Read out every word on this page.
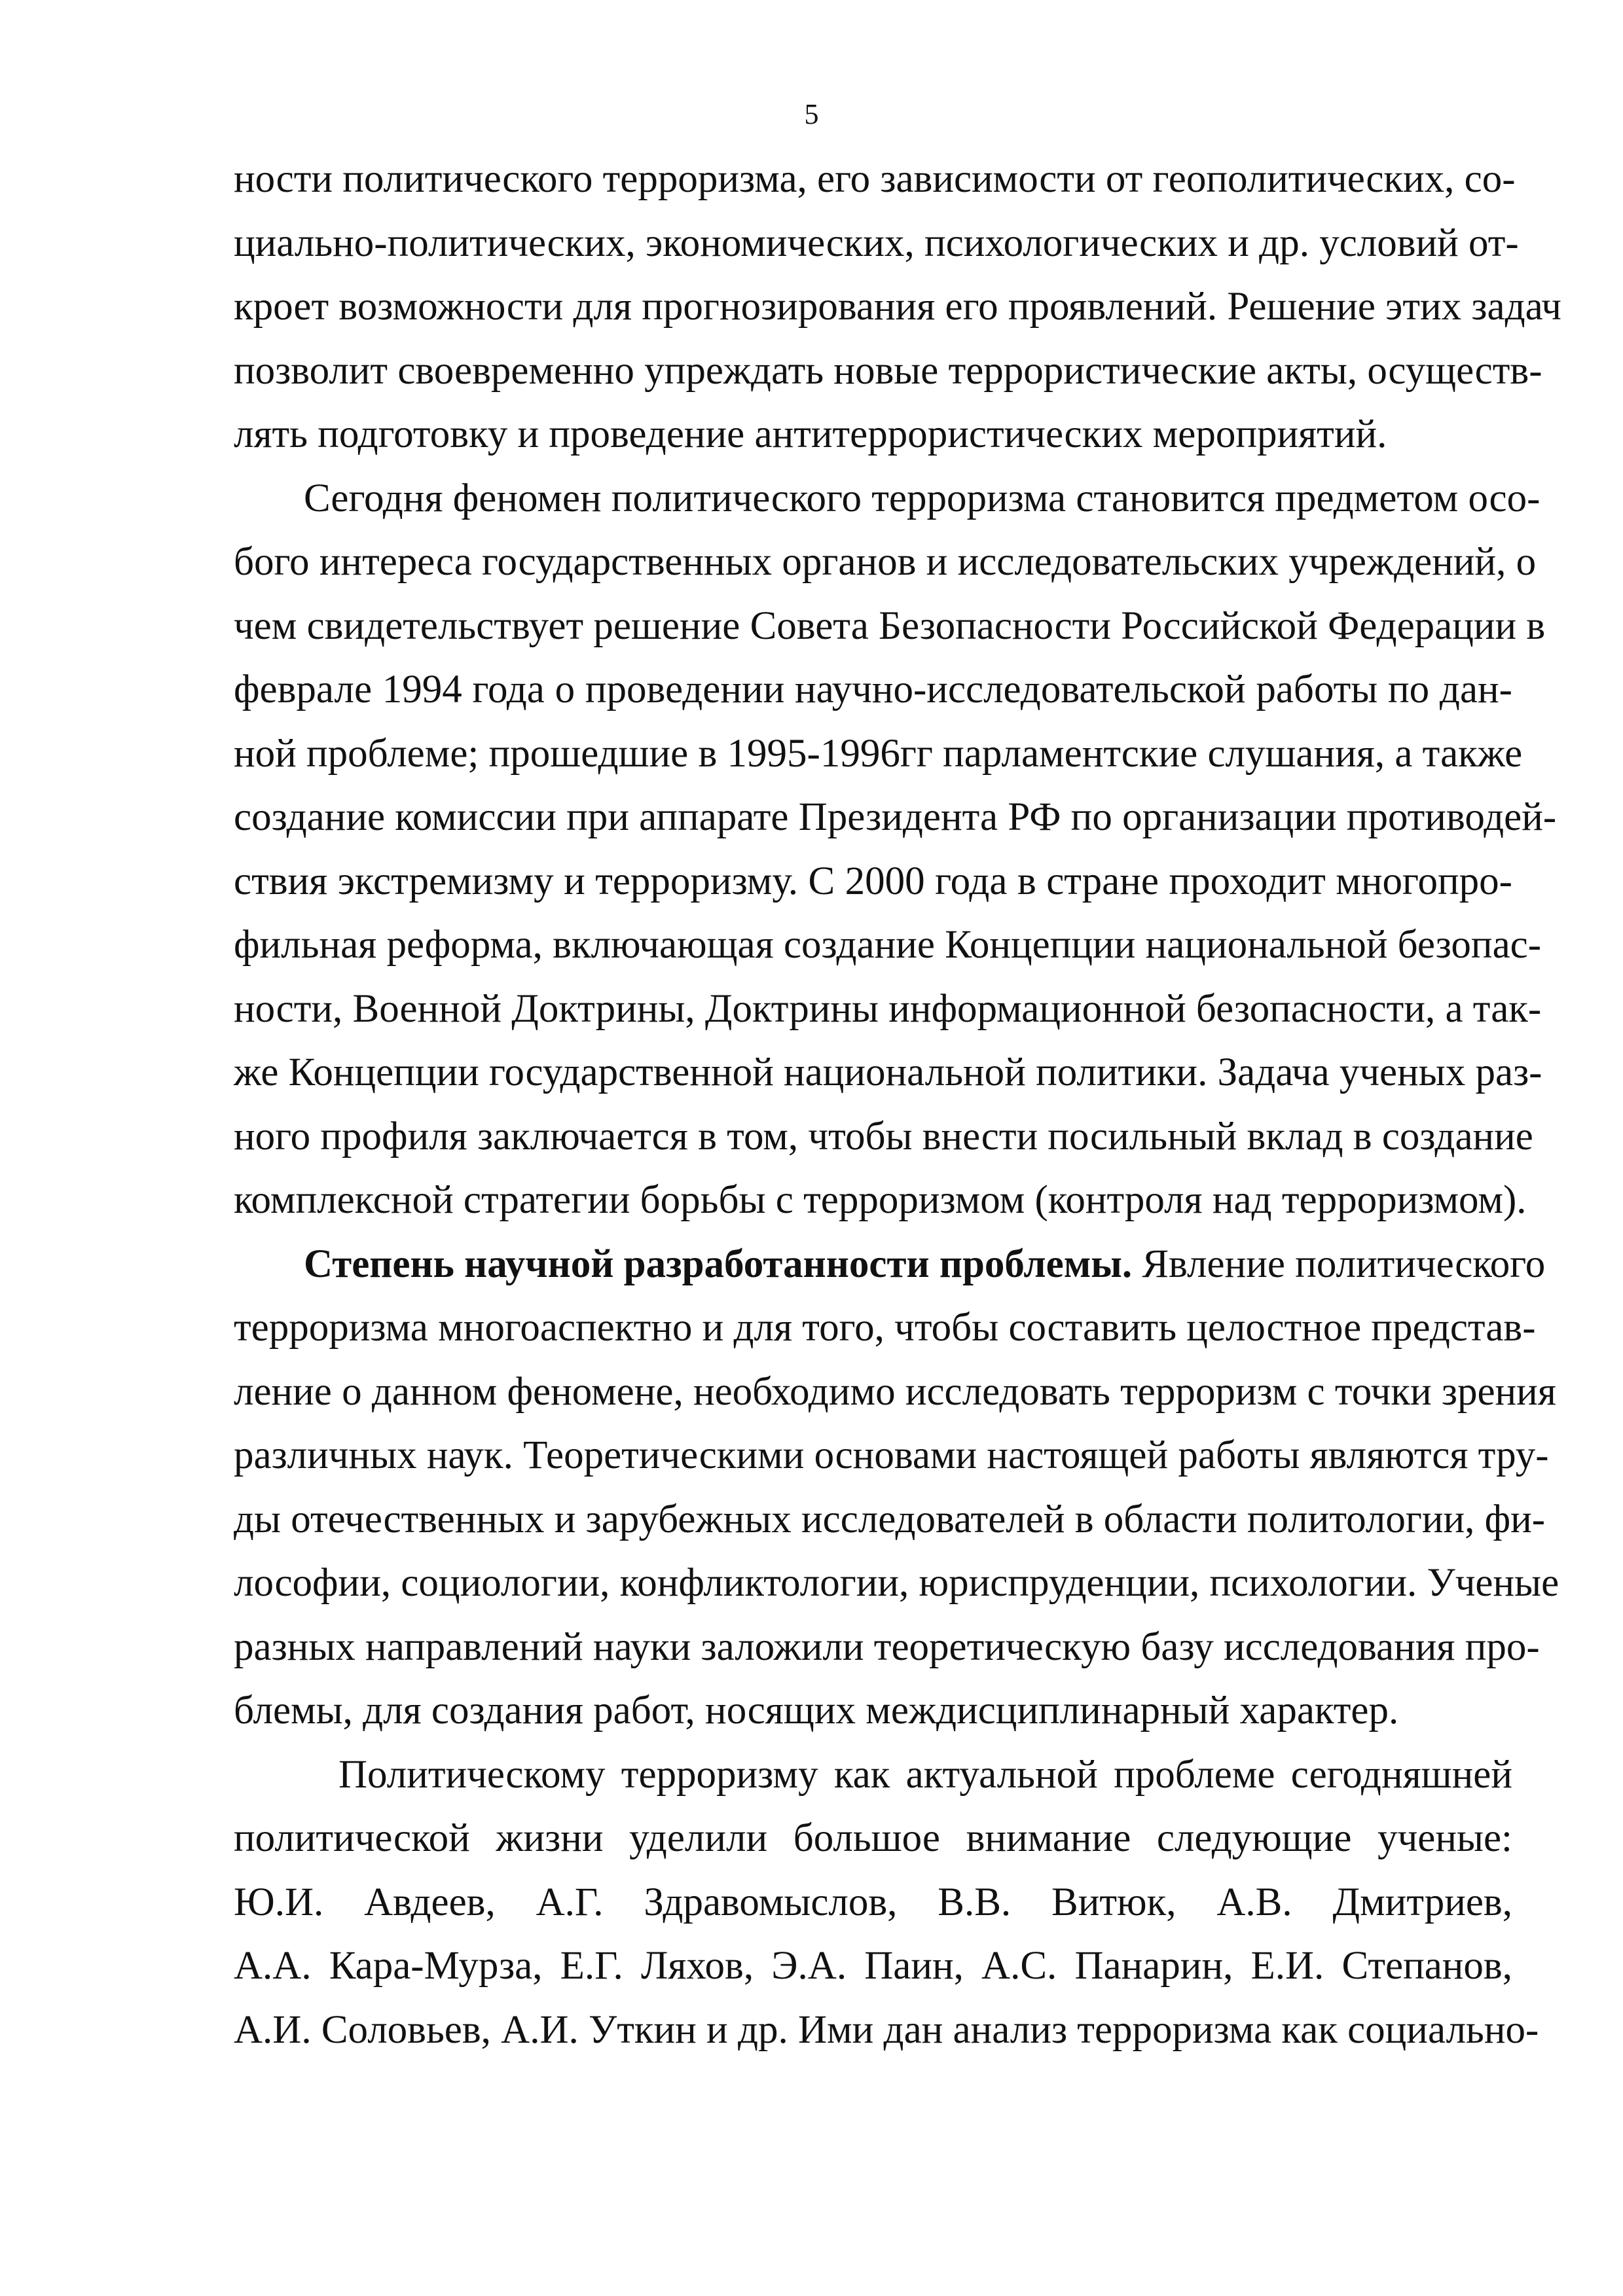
5
ности политического терроризма, его зависимости от геополитических, со-
циально-политических, экономических, психологических и др. условий от-
кроет возможности для прогнозирования его проявлений. Решение этих задач
позволит своевременно упреждать новые террористические акты, осуществ-
лять подготовку и проведение антитеррористических мероприятий.
Сегодня феномен политического терроризма становится предметом осо-
бого интереса государственных органов и исследовательских учреждений, о
чем свидетельствует решение Совета Безопасности Российской Федерации в
феврале 1994 года о проведении научно-исследовательской работы по дан-
ной проблеме; прошедшие в 1995-1996гг парламентские слушания, а также
создание комиссии при аппарате Президента РФ по организации противодей-
ствия экстремизму и терроризму. С 2000 года в стране проходит многопро-
фильная реформа, включающая создание Концепции национальной безопас-
ности, Военной Доктрины, Доктрины информационной безопасности, а так-
же Концепции государственной национальной политики. Задача ученых раз-
ного профиля заключается в том, чтобы внести посильный вклад в создание
комплексной стратегии борьбы с терроризмом (контроля над терроризмом).
Степень научной разработанности проблемы. Явление политического
терроризма многоаспектно и для того, чтобы составить целостное представ-
ление о данном феномене, необходимо исследовать терроризм с точки зрения
различных наук. Теоретическими основами настоящей работы являются тру-
ды отечественных и зарубежных исследователей в области политологии, фи-
лософии, социологии, конфликтологии, юриспруденции, психологии. Ученые
разных направлений науки заложили теоретическую базу исследования про-
блемы, для создания работ, носящих междисциплинарный характер.
Политическому терроризму как актуальной проблеме сегодняшней
политической жизни уделили большое внимание следующие ученые:
Ю.И. Авдеев, А.Г. Здравомыслов, В.В. Витюк, А.В. Дмитриев,
А.А. Кара-Мурза, Е.Г. Ляхов, Э.А. Паин, А.С. Панарин, Е.И. Степанов,
А.И. Соловьев, А.И. Уткин и др. Ими дан анализ терроризма как социально-
